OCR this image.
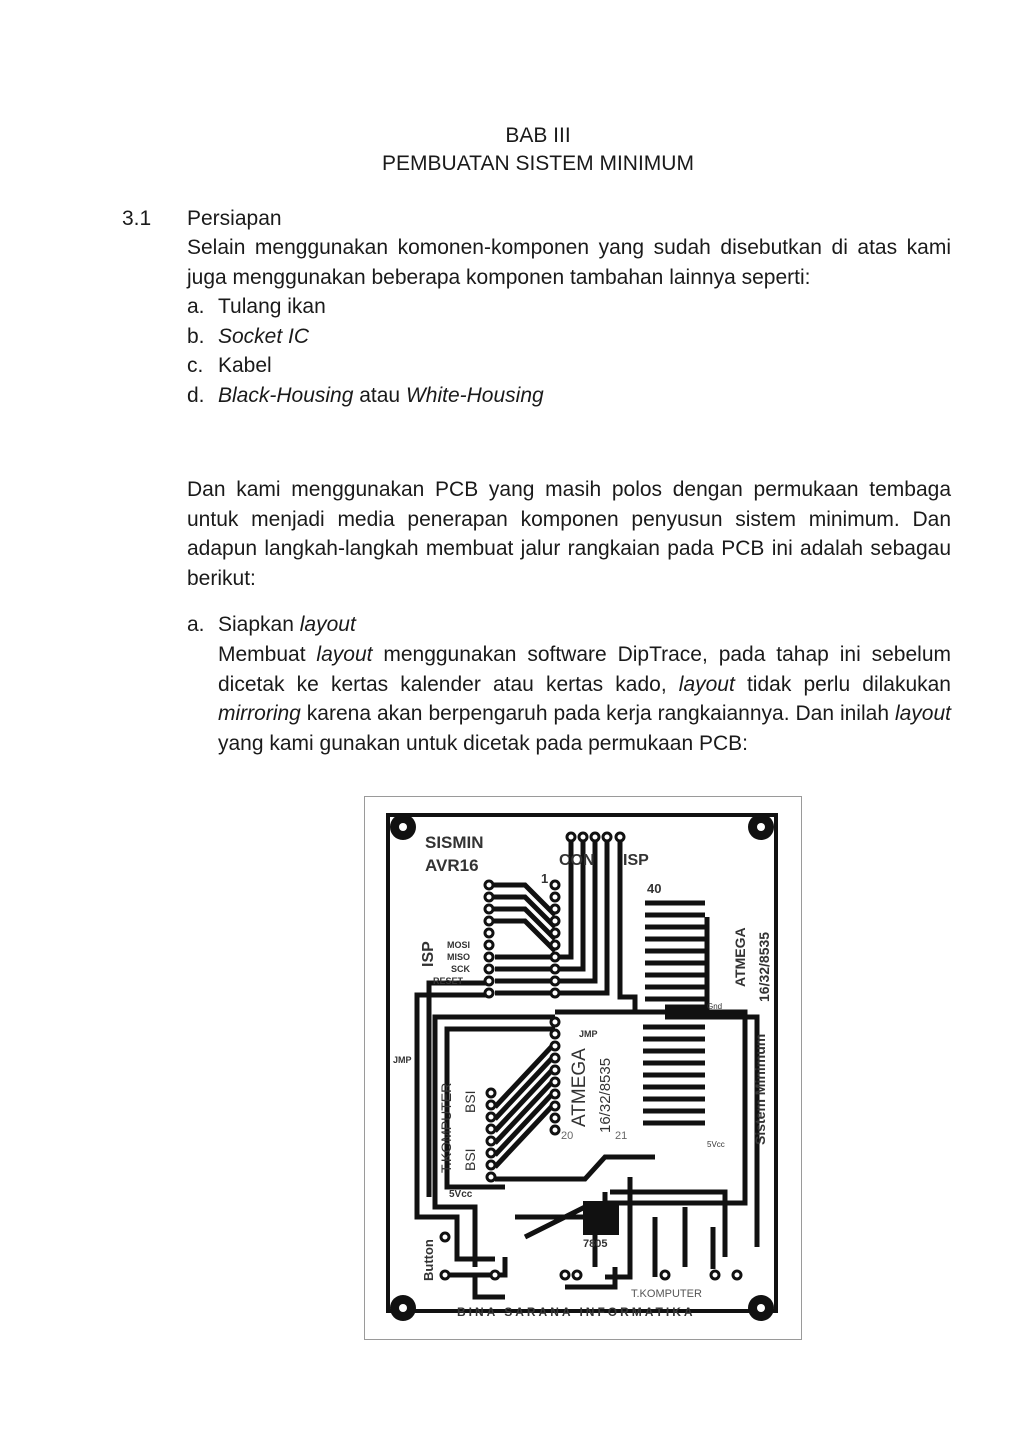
BAB III
PEMBUATAN SISTEM MINIMUM
3.1 Persiapan
Selain menggunakan komonen-komponen yang sudah disebutkan di atas kami juga menggunakan beberapa komponen tambahan lainnya seperti:
a. Tulang ikan
b. Socket IC
c. Kabel
d. Black-Housing atau White-Housing
Dan kami menggunakan PCB yang masih polos dengan permukaan tembaga untuk menjadi media penerapan komponen penyusun sistem minimum. Dan adapun langkah-langkah membuat jalur rangkaian pada PCB ini adalah sebagau berikut:
a. Siapkan layout
Membuat layout menggunakan software DipTrace, pada tahap ini sebelum dicetak ke kertas kalender atau kertas kado, layout tidak perlu dilakukan mirroring karena akan berpengaruh pada kerja rangkaiannya. Dan inilah layout yang kami gunakan untuk dicetak pada permukaan PCB:
SISMIN
AVR16	CON ISP
1
40
ISP MOSI
MISO
SCK
RESET	ATMEGA 16/32/8535
Sistem Minimum
Gnd
JMP
JMP
T.KOMPUTER BSI
BSI
ATMEGA 16/32/8535
20	21
5Vcc
5Vcc
7805
Button
T.KOMPUTER
BINA SARANA INFORMATIKA
